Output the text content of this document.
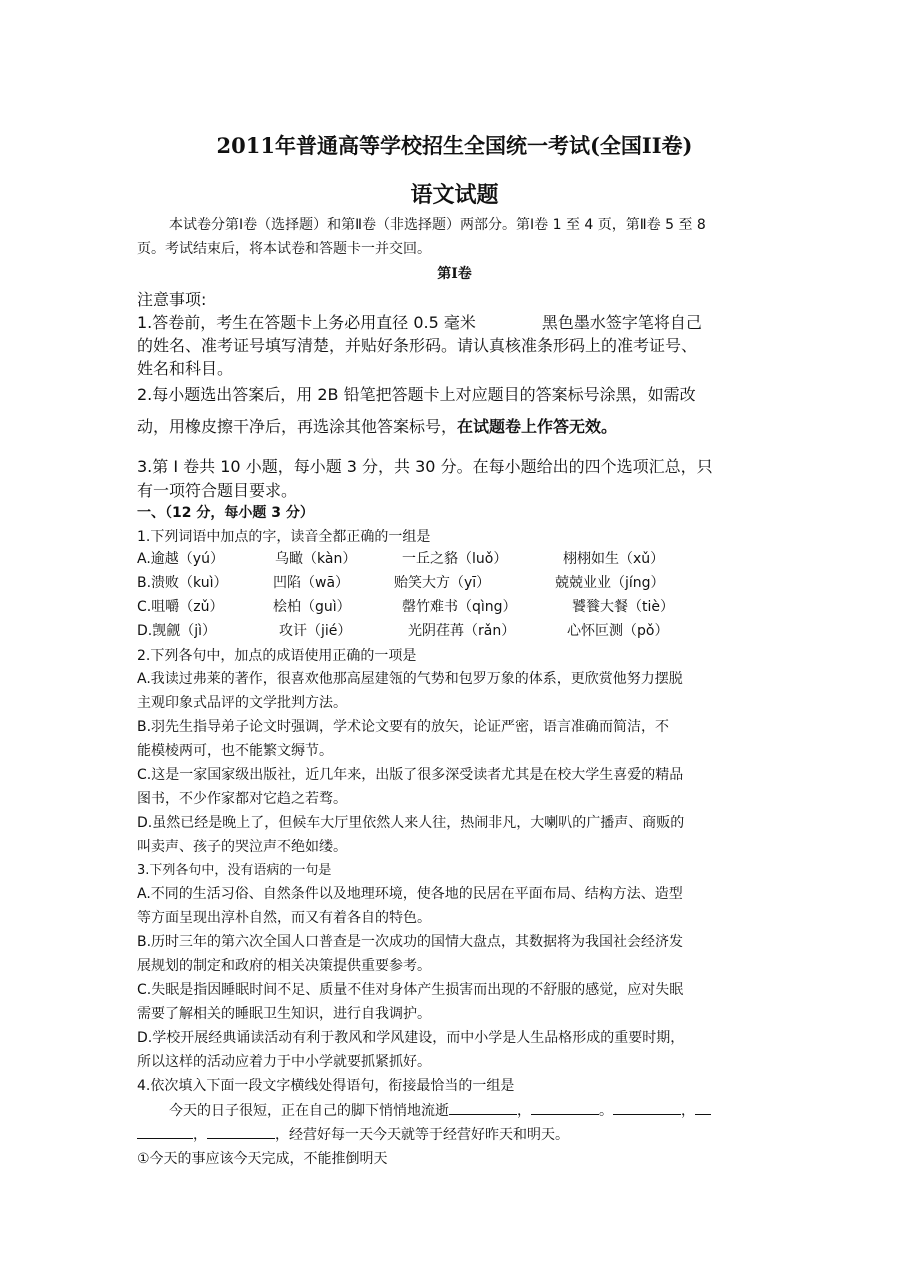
2011年普通高等学校招生全国统一考试(全国II卷)
语文试题
本试卷分第Ⅰ卷（选择题）和第Ⅱ卷（非选择题）两部分。第Ⅰ卷 1 至 4 页，第Ⅱ卷 5 至 8
页。考试结束后，将本试卷和答题卡一并交回。
第Ⅰ卷
注意事项:
1.答卷前，考生在答题卡上务必用直径 0.5 毫米	黑色墨水签字笔将自己
的姓名、准考证号填写清楚，并贴好条形码。请认真核准条形码上的准考证号、
姓名和科目。
2.每小题选出答案后，用 2B 铅笔把答题卡上对应题目的答案标号涂黑，如需改
动，用橡皮擦干净后，再选涂其他答案标号，在试题卷上作答无效。
3.第 I 卷共 10 小题，每小题 3 分，共 30 分。在每小题给出的四个选项汇总，只
有一项符合题目要求。
一、（12 分，每小题 3 分）
1.下列词语中加点的字，读音全都正确的一组是
A.逾越（yú）	乌瞰（kàn）	一丘之貉（luǒ）	栩栩如生（xǔ）
B.溃败（kuì）	凹陷（wā）	贻笑大方（yī）	兢兢业业（jíng）
C.咀嚼（zǔ）	桧柏（guì）	罄竹难书（qìng）	饕餮大餐（tiè）
D.觊觎（jì）	攻讦（jié）	光阴荏苒（rǎn）	心怀叵测（pǒ）
2.下列各句中，加点的成语使用正确的一项是
A.我读过弗莱的著作，很喜欢他那高屋建瓴的气势和包罗万象的体系，更欣赏他努力摆脱
主观印象式品评的文学批判方法。
B.羽先生指导弟子论文时强调，学术论文要有的放矢，论证严密，语言准确而简洁，不
能模棱两可，也不能繁文缛节。
C.这是一家国家级出版社，近几年来，出版了很多深受读者尤其是在校大学生喜爱的精品
图书，不少作家都对它趋之若骛。
D.虽然已经是晚上了，但候车大厅里依然人来人往，热闹非凡，大喇叭的广播声、商贩的
叫卖声、孩子的哭泣声不绝如缕。
3.下列各句中，没有语病的一句是
A.不同的生活习俗、自然条件以及地理环境，使各地的民居在平面布局、结构方法、造型
等方面呈现出淳朴自然，而又有着各自的特色。
B.历时三年的第六次全国人口普查是一次成功的国情大盘点，其数据将为我国社会经济发
展规划的制定和政府的相关决策提供重要参考。
C.失眠是指因睡眠时间不足、质量不佳对身体产生损害而出现的不舒服的感觉，应对失眠
需要了解相关的睡眠卫生知识，进行自我调护。
D.学校开展经典诵读活动有利于教风和学风建设，而中小学是人生品格形成的重要时期，
所以这样的活动应着力于中小学就要抓紧抓好。
4.依次填入下面一段文字横线处得语句，衔接最恰当的一组是
今天的日子很短，正在自己的脚下悄悄地流逝	，	。	，
，	，经营好每一天今天就等于经营好昨天和明天。
①今天的事应该今天完成，不能推倒明天
